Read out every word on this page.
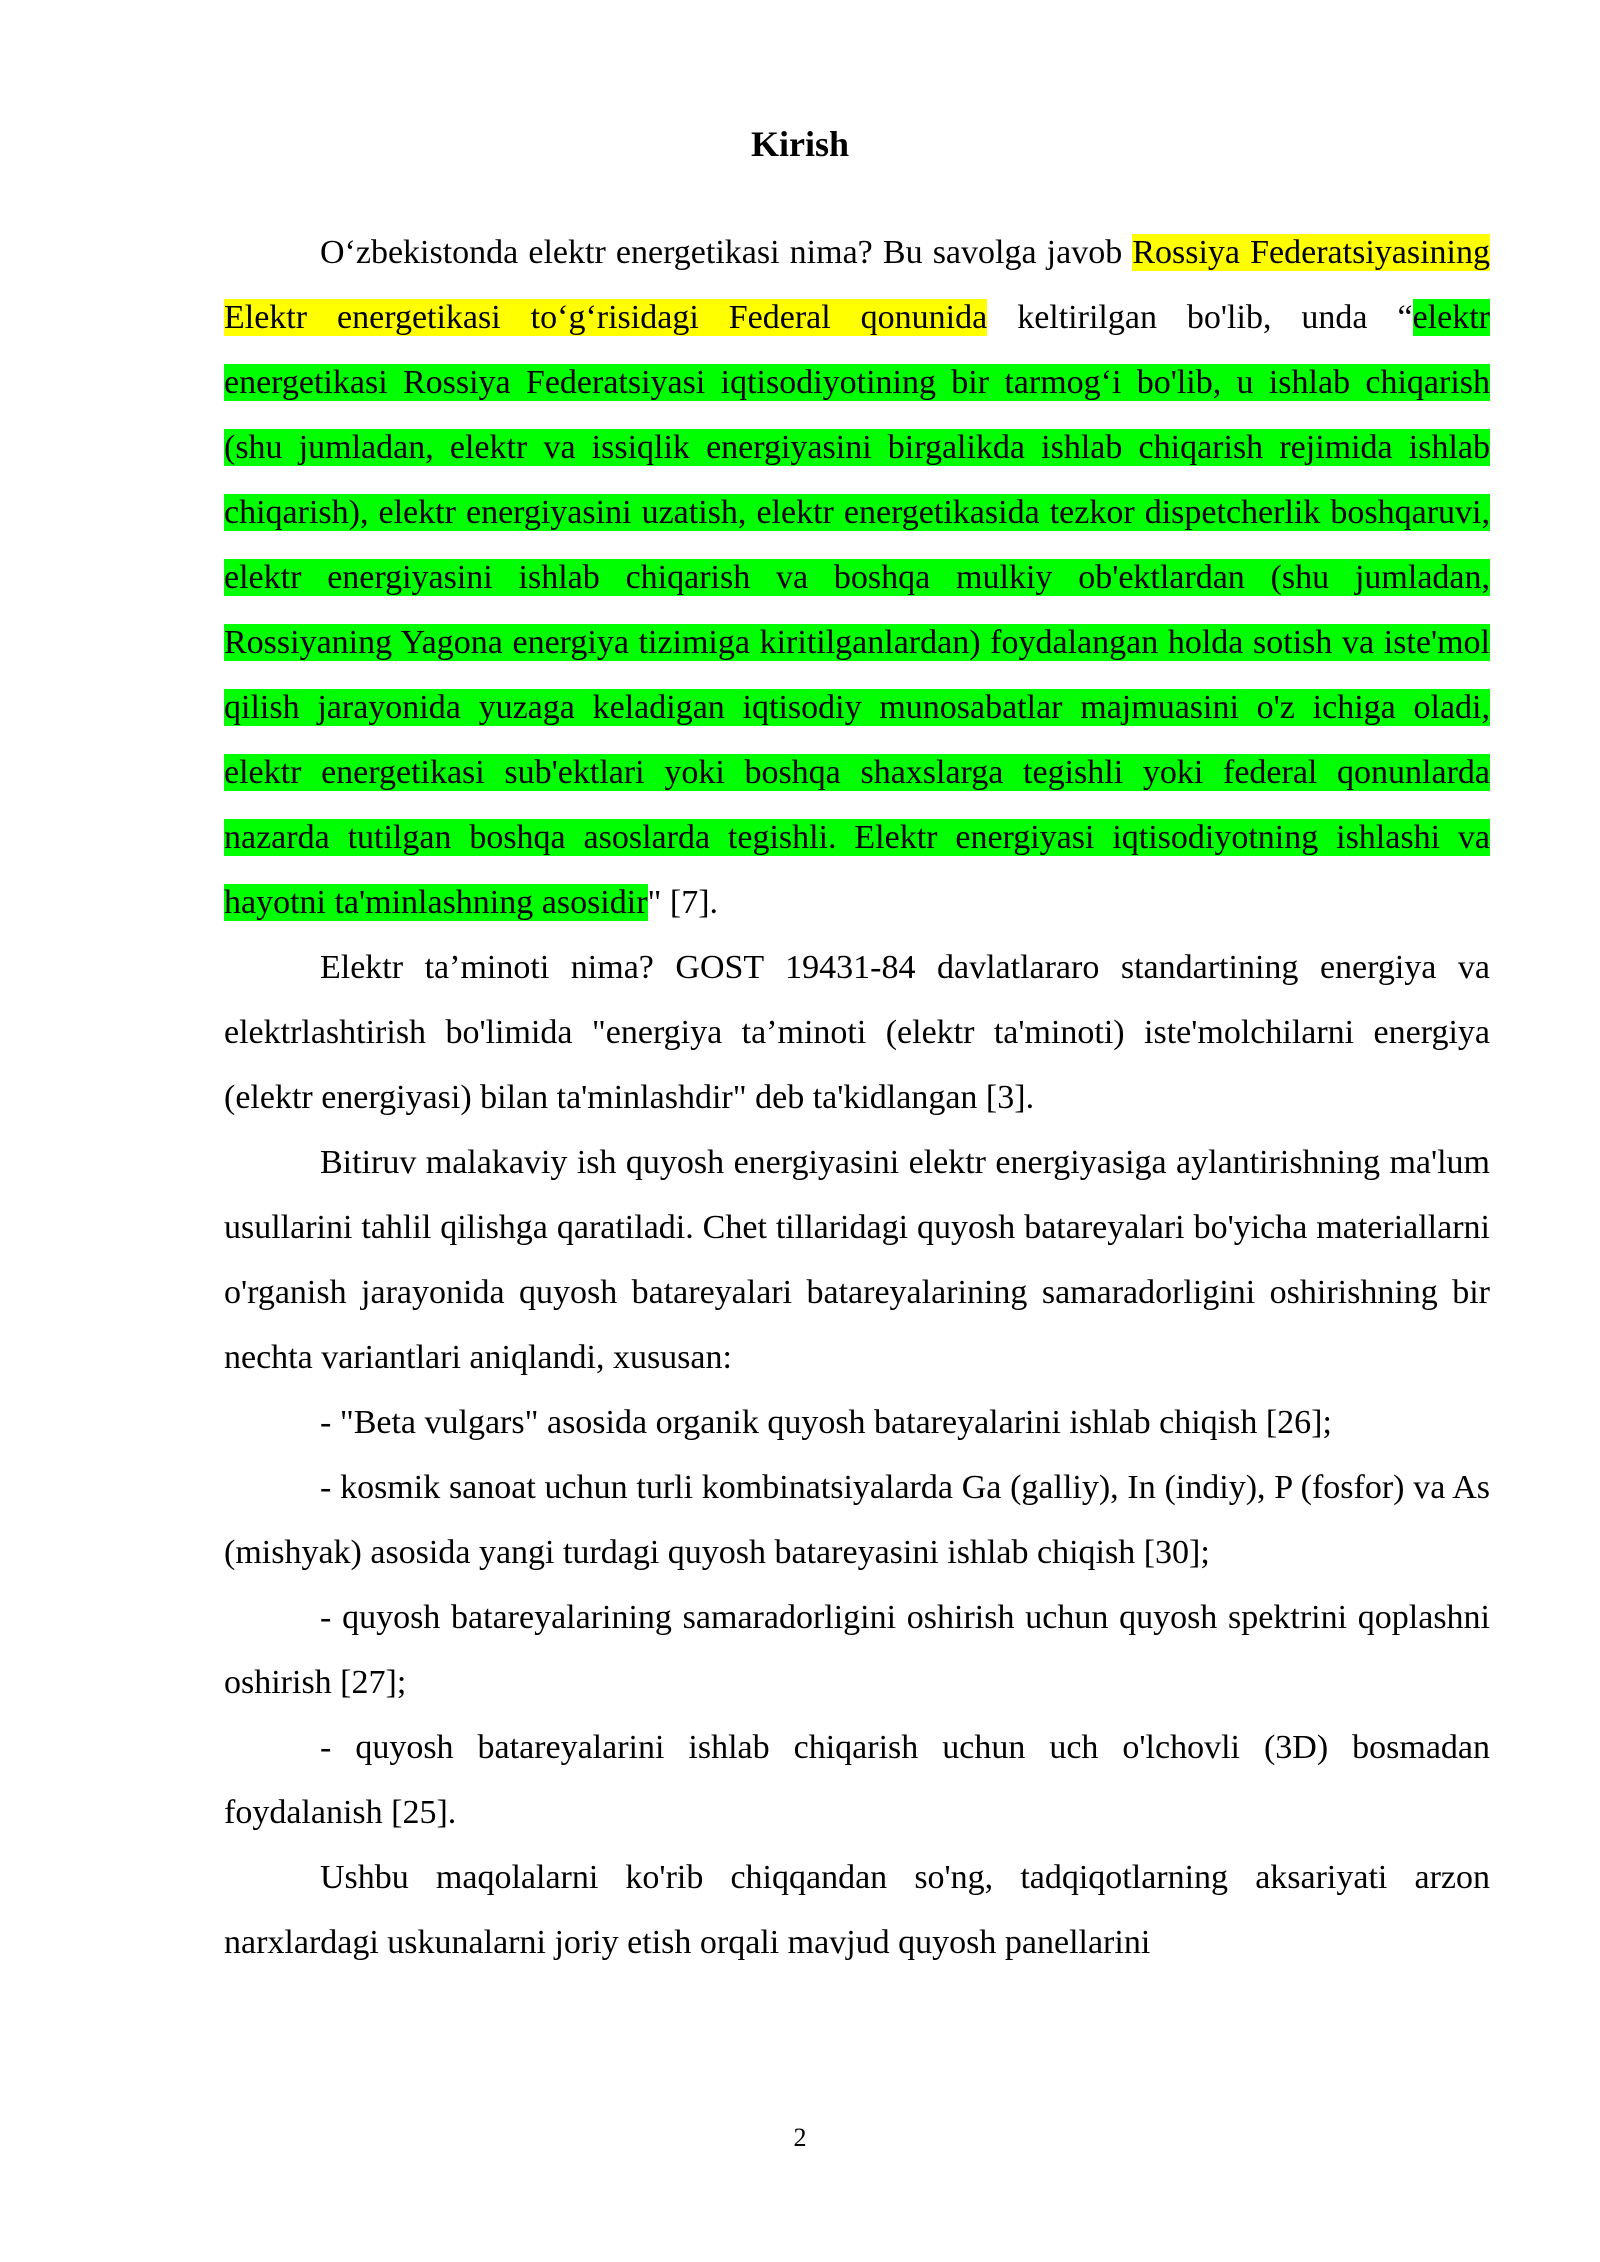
Kirish

O‘zbekistonda elektr energetikasi nima? Bu savolga javob Rossiya Federatsiyasining Elektr energetikasi to‘g‘risidagi Federal qonunida keltirilgan bo'lib, unda “elektr energetikasi Rossiya Federatsiyasi iqtisodiyotining bir tarmog‘i bo'lib, u ishlab chiqarish (shu jumladan, elektr va issiqlik energiyasini birgalikda ishlab chiqarish rejimida ishlab chiqarish), elektr energiyasini uzatish, elektr energetikasida tezkor dispetcherlik boshqaruvi, elektr energiyasini ishlab chiqarish va boshqa mulkiy ob'ektlardan (shu jumladan, Rossiyaning Yagona energiya tizimiga kiritilganlardan) foydalangan holda sotish va iste'mol qilish jarayonida yuzaga keladigan iqtisodiy munosabatlar majmuasini o'z ichiga oladi, elektr energetikasi sub'ektlari yoki boshqa shaxslarga tegishli yoki federal qonunlarda nazarda tutilgan boshqa asoslarda tegishli. Elektr energiyasi iqtisodiyotning ishlashi va hayotni ta'minlashning asosidir" [7].

Elektr ta’minoti nima? GOST 19431-84 davlatlararo standartining energiya va elektrlashtirish bo'limida "energiya ta’minoti (elektr ta'minoti) iste'molchilarni energiya (elektr energiyasi) bilan ta'minlashdir" deb ta'kidlangan [3].

Bitiruv malakaviy ish quyosh energiyasini elektr energiyasiga aylantirishning ma'lum usullarini tahlil qilishga qaratiladi. Chet tillaridagi quyosh batareyalari bo'yicha materiallarni o'rganish jarayonida quyosh batareyalari batareyalarining samaradorligini oshirishning bir nechta variantlari aniqlandi, xususan:

- "Beta vulgars" asosida organik quyosh batareyalarini ishlab chiqish [26];

- kosmik sanoat uchun turli kombinatsiyalarda Ga (galliy), In (indiy), P (fosfor) va As (mishyak) asosida yangi turdagi quyosh batareyasini ishlab chiqish [30];

- quyosh batareyalarining samaradorligini oshirish uchun quyosh spektrini qoplashni oshirish [27];

- quyosh batareyalarini ishlab chiqarish uchun uch o'lchovli (3D) bosmadan foydalanish [25].

Ushbu maqolalarni ko'rib chiqqandan so'ng, tadqiqotlarning aksariyati arzon narxlardagi uskunalarni joriy etish orqali mavjud quyosh panellarini

2
